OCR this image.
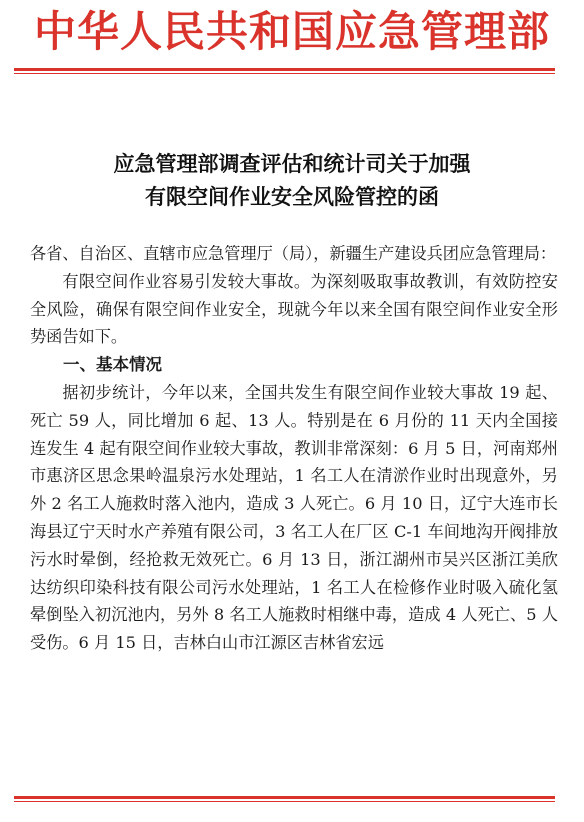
中华人民共和国应急管理部
应急管理部调查评估和统计司关于加强
有限空间作业安全风险管控的函

各省、自治区、直辖市应急管理厅（局），新疆生产建设兵团应急管理局：

有限空间作业容易引发较大事故。为深刻吸取事故教训，有效防控安全风险，确保有限空间作业安全，现就今年以来全国有限空间作业安全形势函告如下。

一、基本情况

据初步统计，今年以来，全国共发生有限空间作业较大事故 19 起、死亡 59 人，同比增加 6 起、13 人。特别是在 6 月份的 11 天内全国接连发生 4 起有限空间作业较大事故，教训非常深刻：6 月 5 日，河南郑州市惠济区思念果岭温泉污水处理站，1 名工人在清淤作业时出现意外，另外 2 名工人施救时落入池内，造成 3 人死亡。6 月 10 日，辽宁大连市长海县辽宁天时水产养殖有限公司，3 名工人在厂区 C-1 车间地沟开阀排放污水时晕倒，经抢救无效死亡。6 月 13 日，浙江湖州市吴兴区浙江美欣达纺织印染科技有限公司污水处理站，1 名工人在检修作业时吸入硫化氢晕倒坠入初沉池内，另外 8 名工人施救时相继中毒，造成 4 人死亡、5 人受伤。6 月 15 日，吉林白山市江源区吉林省宏远
